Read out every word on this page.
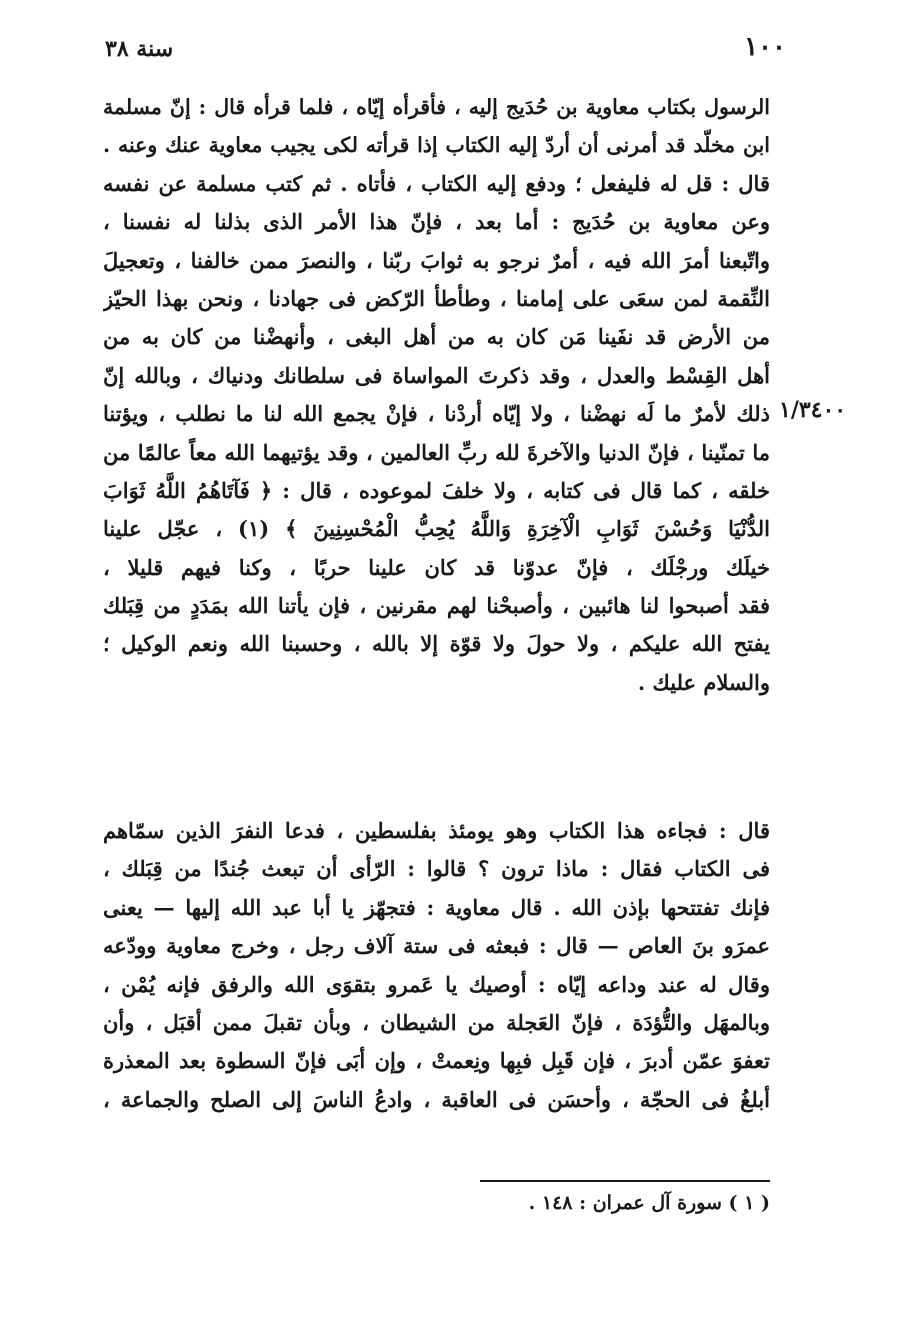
١٠٠
سنة ٣٨
١/٣٤٠٠
الرسول بكتاب معاوية بن حُدَيج إليه ، فأقرأه إيّاه ، فلما قرأه قال : إنّ مسلمة
ابن مخلّد قد أمرنى أن أردّ إليه الكتاب إذا قرأته لكى يجيب معاوية عنك وعنه .
قال : قل له فليفعل ؛ ودفع إليه الكتاب ، فأتاه . ثم كتب مسلمة عن نفسه
وعن معاوية بن حُدَيج : أما بعد ، فإنّ هذا الأمر الذى بذلنا له نفسنا ،
واتّبعنا أمرَ الله فيه ، أمرٌ نرجو به ثوابَ ربّنا ، والنصرَ ممن خالفنا ، وتعجيلَ
النِّقمة لمن سعَى على إمامنا ، وطأطأ الرّكض فى جهادنا ، ونحن بهذا الحيّز
من الأرض قد نفَينا مَن كان به من أهل البغى ، وأنهضْنا من كان به من
أهل القِسْط والعدل ، وقد ذكرتَ المواساة فى سلطانك ودنياك ، وبالله إنّ
ذلك لأمرٌ ما لَه نهضْنا ، ولا إيّاه أردْنا ، فإنْ يجمع الله لنا ما نطلب ، ويؤتنا
ما تمنّينا ، فإنّ الدنيا والآخرةَ لله ربِّ العالمين ، وقد يؤتيهما الله معاً عالمًا من
خلقه ، كما قال فى كتابه ، ولا خلفَ لموعوده ، قال : ﴿ فَآتَاهُمُ اللَّهُ ثَوَابَ
الدُّنْيَا وَحُسْنَ ثَوَابِ الْآخِرَةِ وَاللَّهُ يُحِبُّ الْمُحْسِنِينَ ﴾ (١) ، عجّل علينا
خيلَك ورجْلَك ، فإنّ عدوّنا قد كان علينا حربًا ، وكنا فيهم قليلا ،
فقد أصبحوا لنا هائبين ، وأصبحْنا لهم مقرنين ، فإن يأتنا الله بمَدَدٍ من قِبَلك
يفتح الله عليكم ، ولا حولَ ولا قوّة إلا بالله ، وحسبنا الله ونعم الوكيل ؛
والسلام عليك .
قال : فجاءه هذا الكتاب وهو يومئذ بفلسطين ، فدعا النفرَ الذين سمّاهم
فى الكتاب فقال : ماذا ترون ؟ قالوا : الرّأى أن تبعث جُندًا من قِبَلك ،
فإنك تفتتحها بإذن الله . قال معاوية : فتجهّز يا أبا عبد الله إليها — يعنى
عمرَو بنَ العاص — قال : فبعثه فى ستة آلاف رجل ، وخرج معاوية وودّعه
وقال له عند وداعه إيّاه : أوصيك يا عَمرو بتقوَى الله والرفق فإنه يُمْن ،
وبالمهَل والتُّؤدَة ، فإنّ العَجلة من الشيطان ، وبأن تقبلَ ممن أقبَل ، وأن
تعفوَ عمّن أدبرَ ، فإن قَبِل فبِها ونِعمتْ ، وإن أبَى فإنّ السطوة بعد المعذرة
أبلغُ فى الحجّة ، وأحسَن فى العاقبة ، وادعُ الناسَ إلى الصلح والجماعة ،
( ١ ) سورة آل عمران : ١٤٨ .
